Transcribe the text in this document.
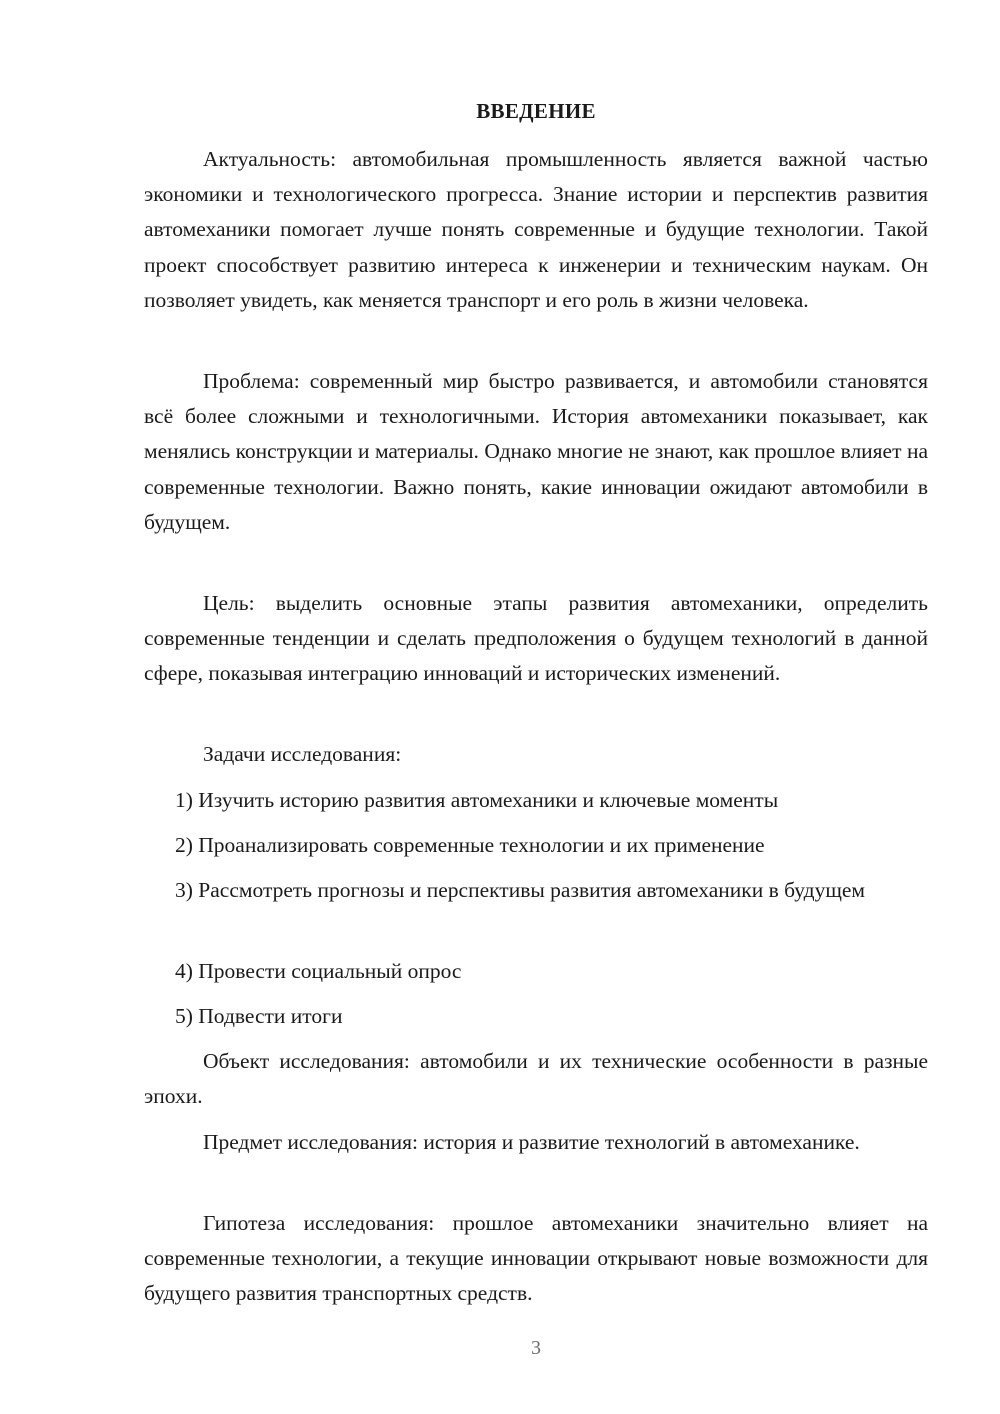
ВВЕДЕНИЕ

Актуальность: автомобильная промышленность является важной частью экономики и технологического прогресса. Знание истории и перспектив развития автомеханики помогает лучше понять современные и будущие технологии. Такой проект способствует развитию интереса к инженерии и техническим наукам. Он позволяет увидеть, как меняется транспорт и его роль в жизни человека.

Проблема: современный мир быстро развивается, и автомобили становятся всё более сложными и технологичными. История автомеханики показывает, как менялись конструкции и материалы. Однако многие не знают, как прошлое влияет на современные технологии. Важно понять, какие инновации ожидают автомобили в будущем.

Цель: выделить основные этапы развития автомеханики, определить современные тенденции и сделать предположения о будущем технологий в данной сфере, показывая интеграцию инноваций и исторических изменений.

Задачи исследования:

1) Изучить историю развития автомеханики и ключевые моменты

2) Проанализировать современные технологии и их применение

3) Рассмотреть прогнозы и перспективы развития автомеханики в будущем

4) Провести социальный опрос

5) Подвести итоги

Объект исследования: автомобили и их технические особенности в разные эпохи.

Предмет исследования: история и развитие технологий в автомеханике.

Гипотеза исследования: прошлое автомеханики значительно влияет на современные технологии, а текущие инновации открывают новые возможности для будущего развития транспортных средств.

3
